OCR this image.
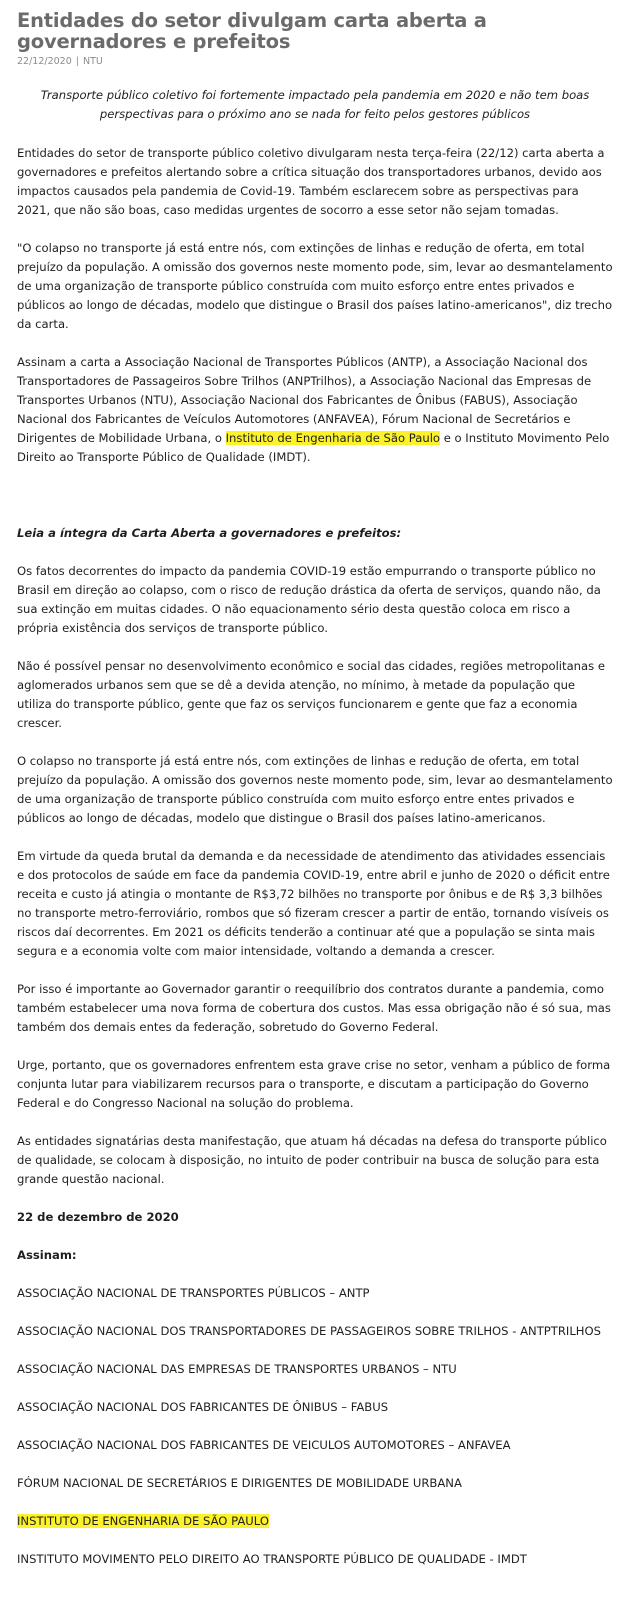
Entidades do setor divulgam carta aberta a governadores e prefeitos
22/12/2020 | NTU

Transporte público coletivo foi fortemente impactado pela pandemia em 2020 e não tem boas perspectivas para o próximo ano se nada for feito pelos gestores públicos

Entidades do setor de transporte público coletivo divulgaram nesta terça-feira (22/12) carta aberta a governadores e prefeitos alertando sobre a crítica situação dos transportadores urbanos, devido aos impactos causados pela pandemia de Covid-19. Também esclarecem sobre as perspectivas para 2021, que não são boas, caso medidas urgentes de socorro a esse setor não sejam tomadas.

"O colapso no transporte já está entre nós, com extinções de linhas e redução de oferta, em total prejuízo da população. A omissão dos governos neste momento pode, sim, levar ao desmantelamento de uma organização de transporte público construída com muito esforço entre entes privados e públicos ao longo de décadas, modelo que distingue o Brasil dos países latino-americanos", diz trecho da carta.

Assinam a carta a Associação Nacional de Transportes Públicos (ANTP), a Associação Nacional dos Transportadores de Passageiros Sobre Trilhos (ANPTrilhos), a Associação Nacional das Empresas de Transportes Urbanos (NTU), Associação Nacional dos Fabricantes de Ônibus (FABUS), Associação Nacional dos Fabricantes de Veículos Automotores (ANFAVEA), Fórum Nacional de Secretários e Dirigentes de Mobilidade Urbana, o Instituto de Engenharia de São Paulo e o Instituto Movimento Pelo Direito ao Transporte Público de Qualidade (IMDT).

Leia a íntegra da Carta Aberta a governadores e prefeitos:

Os fatos decorrentes do impacto da pandemia COVID-19 estão empurrando o transporte público no Brasil em direção ao colapso, com o risco de redução drástica da oferta de serviços, quando não, da sua extinção em muitas cidades. O não equacionamento sério desta questão coloca em risco a própria existência dos serviços de transporte público.

Não é possível pensar no desenvolvimento econômico e social das cidades, regiões metropolitanas e aglomerados urbanos sem que se dê a devida atenção, no mínimo, à metade da população que utiliza do transporte público, gente que faz os serviços funcionarem e gente que faz a economia crescer.

O colapso no transporte já está entre nós, com extinções de linhas e redução de oferta, em total prejuízo da população. A omissão dos governos neste momento pode, sim, levar ao desmantelamento de uma organização de transporte público construída com muito esforço entre entes privados e públicos ao longo de décadas, modelo que distingue o Brasil dos países latino-americanos.

Em virtude da queda brutal da demanda e da necessidade de atendimento das atividades essenciais e dos protocolos de saúde em face da pandemia COVID-19, entre abril e junho de 2020 o déficit entre receita e custo já atingia o montante de R$3,72 bilhões no transporte por ônibus e de R$ 3,3 bilhões no transporte metro-ferroviário, rombos que só fizeram crescer a partir de então, tornando visíveis os riscos daí decorrentes. Em 2021 os déficits tenderão a continuar até que a população se sinta mais segura e a economia volte com maior intensidade, voltando a demanda a crescer.

Por isso é importante ao Governador garantir o reequilíbrio dos contratos durante a pandemia, como também estabelecer uma nova forma de cobertura dos custos. Mas essa obrigação não é só sua, mas também dos demais entes da federação, sobretudo do Governo Federal.

Urge, portanto, que os governadores enfrentem esta grave crise no setor, venham a público de forma conjunta lutar para viabilizarem recursos para o transporte, e discutam a participação do Governo Federal e do Congresso Nacional na solução do problema.

As entidades signatárias desta manifestação, que atuam há décadas na defesa do transporte público de qualidade, se colocam à disposição, no intuito de poder contribuir na busca de solução para esta grande questão nacional.

22 de dezembro de 2020

Assinam:

ASSOCIAÇÃO NACIONAL DE TRANSPORTES PÚBLICOS – ANTP

ASSOCIAÇÃO NACIONAL DOS TRANSPORTADORES DE PASSAGEIROS SOBRE TRILHOS - ANTPTRILHOS

ASSOCIAÇÃO NACIONAL DAS EMPRESAS DE TRANSPORTES URBANOS – NTU

ASSOCIAÇÃO NACIONAL DOS FABRICANTES DE ÔNIBUS – FABUS

ASSOCIAÇÃO NACIONAL DOS FABRICANTES DE VEICULOS AUTOMOTORES – ANFAVEA

FÓRUM NACIONAL DE SECRETÁRIOS E DIRIGENTES DE MOBILIDADE URBANA

INSTITUTO DE ENGENHARIA DE SÃO PAULO

INSTITUTO MOVIMENTO PELO DIREITO AO TRANSPORTE PÚBLICO DE QUALIDADE - IMDT
